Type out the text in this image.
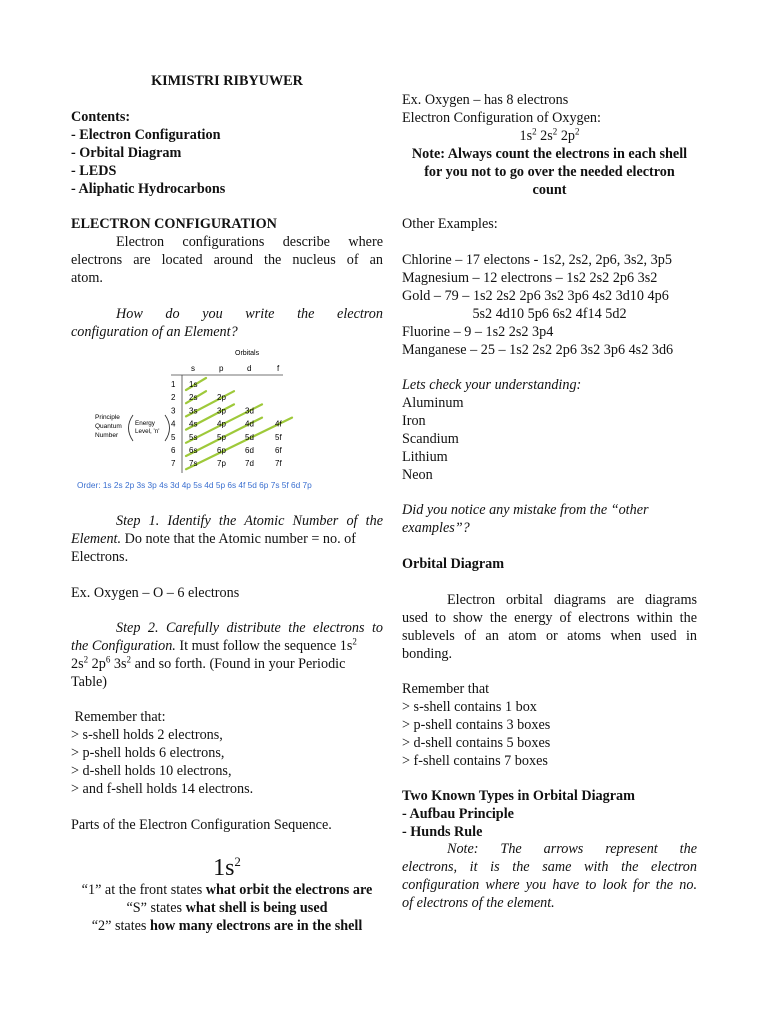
KIMISTRI RIBYUWER
Contents:
- Electron Configuration
- Orbital Diagram
- LEDS
- Aliphatic Hydrocarbons
ELECTRON CONFIGURATION
Electron configurations describe where
electrons are located around the nucleus of an
atom.
How do you write the electron
configuration of an Element?
Step 1. Identify the Atomic Number of the
Element. Do note that the Atomic number = no. of
Electrons.
Ex. Oxygen – O – 6 electrons
Step 2. Carefully distribute the electrons to
the Configuration. It must follow the sequence $1s^2$
$2s^2$ $2p^6$ $3s^2$ and so forth. (Found in your Periodic
Table)
Remember that:
> s-shell holds 2 electrons,
> p-shell holds 6 electrons,
> d-shell holds 10 electrons,
> and f-shell holds 14 electrons.
Parts of the Electron Configuration Sequence.
$1s^2$
“1” at the front states what orbit the electrons are
“S” states what shell is being used
“2” states how many electrons are in the shell
Orbitals
s	p	d	f
1 1s
2 2s 2p
3 3s 3p 3d
4 4s 4p 4d	4f
5 5s 5p 5d	5f
6 6s 6p 6d	6f
7 7s 7p 7d	7f
Principle
Quantum
Number
Energy
Level, 'n'
Order: 1s 2s 2p 3s 3p 4s 3d 4p 5s 4d 5p 6s 4f 5d 6p 7s 5f 6d 7p
Ex. Oxygen – has 8 electrons
Electron Configuration of Oxygen:
$1s^2$ $2s^2$ $2p^2$
Note: Always count the electrons in each shell
for you not to go over the needed electron
count
Other Examples:
Chlorine – 17 electons - 1s2, 2s2, 2p6, 3s2, 3p5
Magnesium – 12 electrons – 1s2 2s2 2p6 3s2
Gold – 79 – 1s2 2s2 2p6 3s2 3p6 4s2 3d10 4p6
5s2 4d10 5p6 6s2 4f14 5d2
Fluorine – 9 – 1s2 2s2 3p4
Manganese – 25 – 1s2 2s2 2p6 3s2 3p6 4s2 3d6
Lets check your understanding:
Aluminum
Iron
Scandium
Lithium
Neon
Did you notice any mistake from the “other
examples”?
Orbital Diagram
Electron orbital diagrams are diagrams
used to show the energy of electrons within the
sublevels of an atom or atoms when used in
bonding.
Remember that
> s-shell contains 1 box
> p-shell contains 3 boxes
> d-shell contains 5 boxes
> f-shell contains 7 boxes
Two Known Types in Orbital Diagram
- Aufbau Principle
- Hunds Rule
Note: The arrows represent the
electrons, it is the same with the electron
configuration where you have to look for the no.
of electrons of the element.
